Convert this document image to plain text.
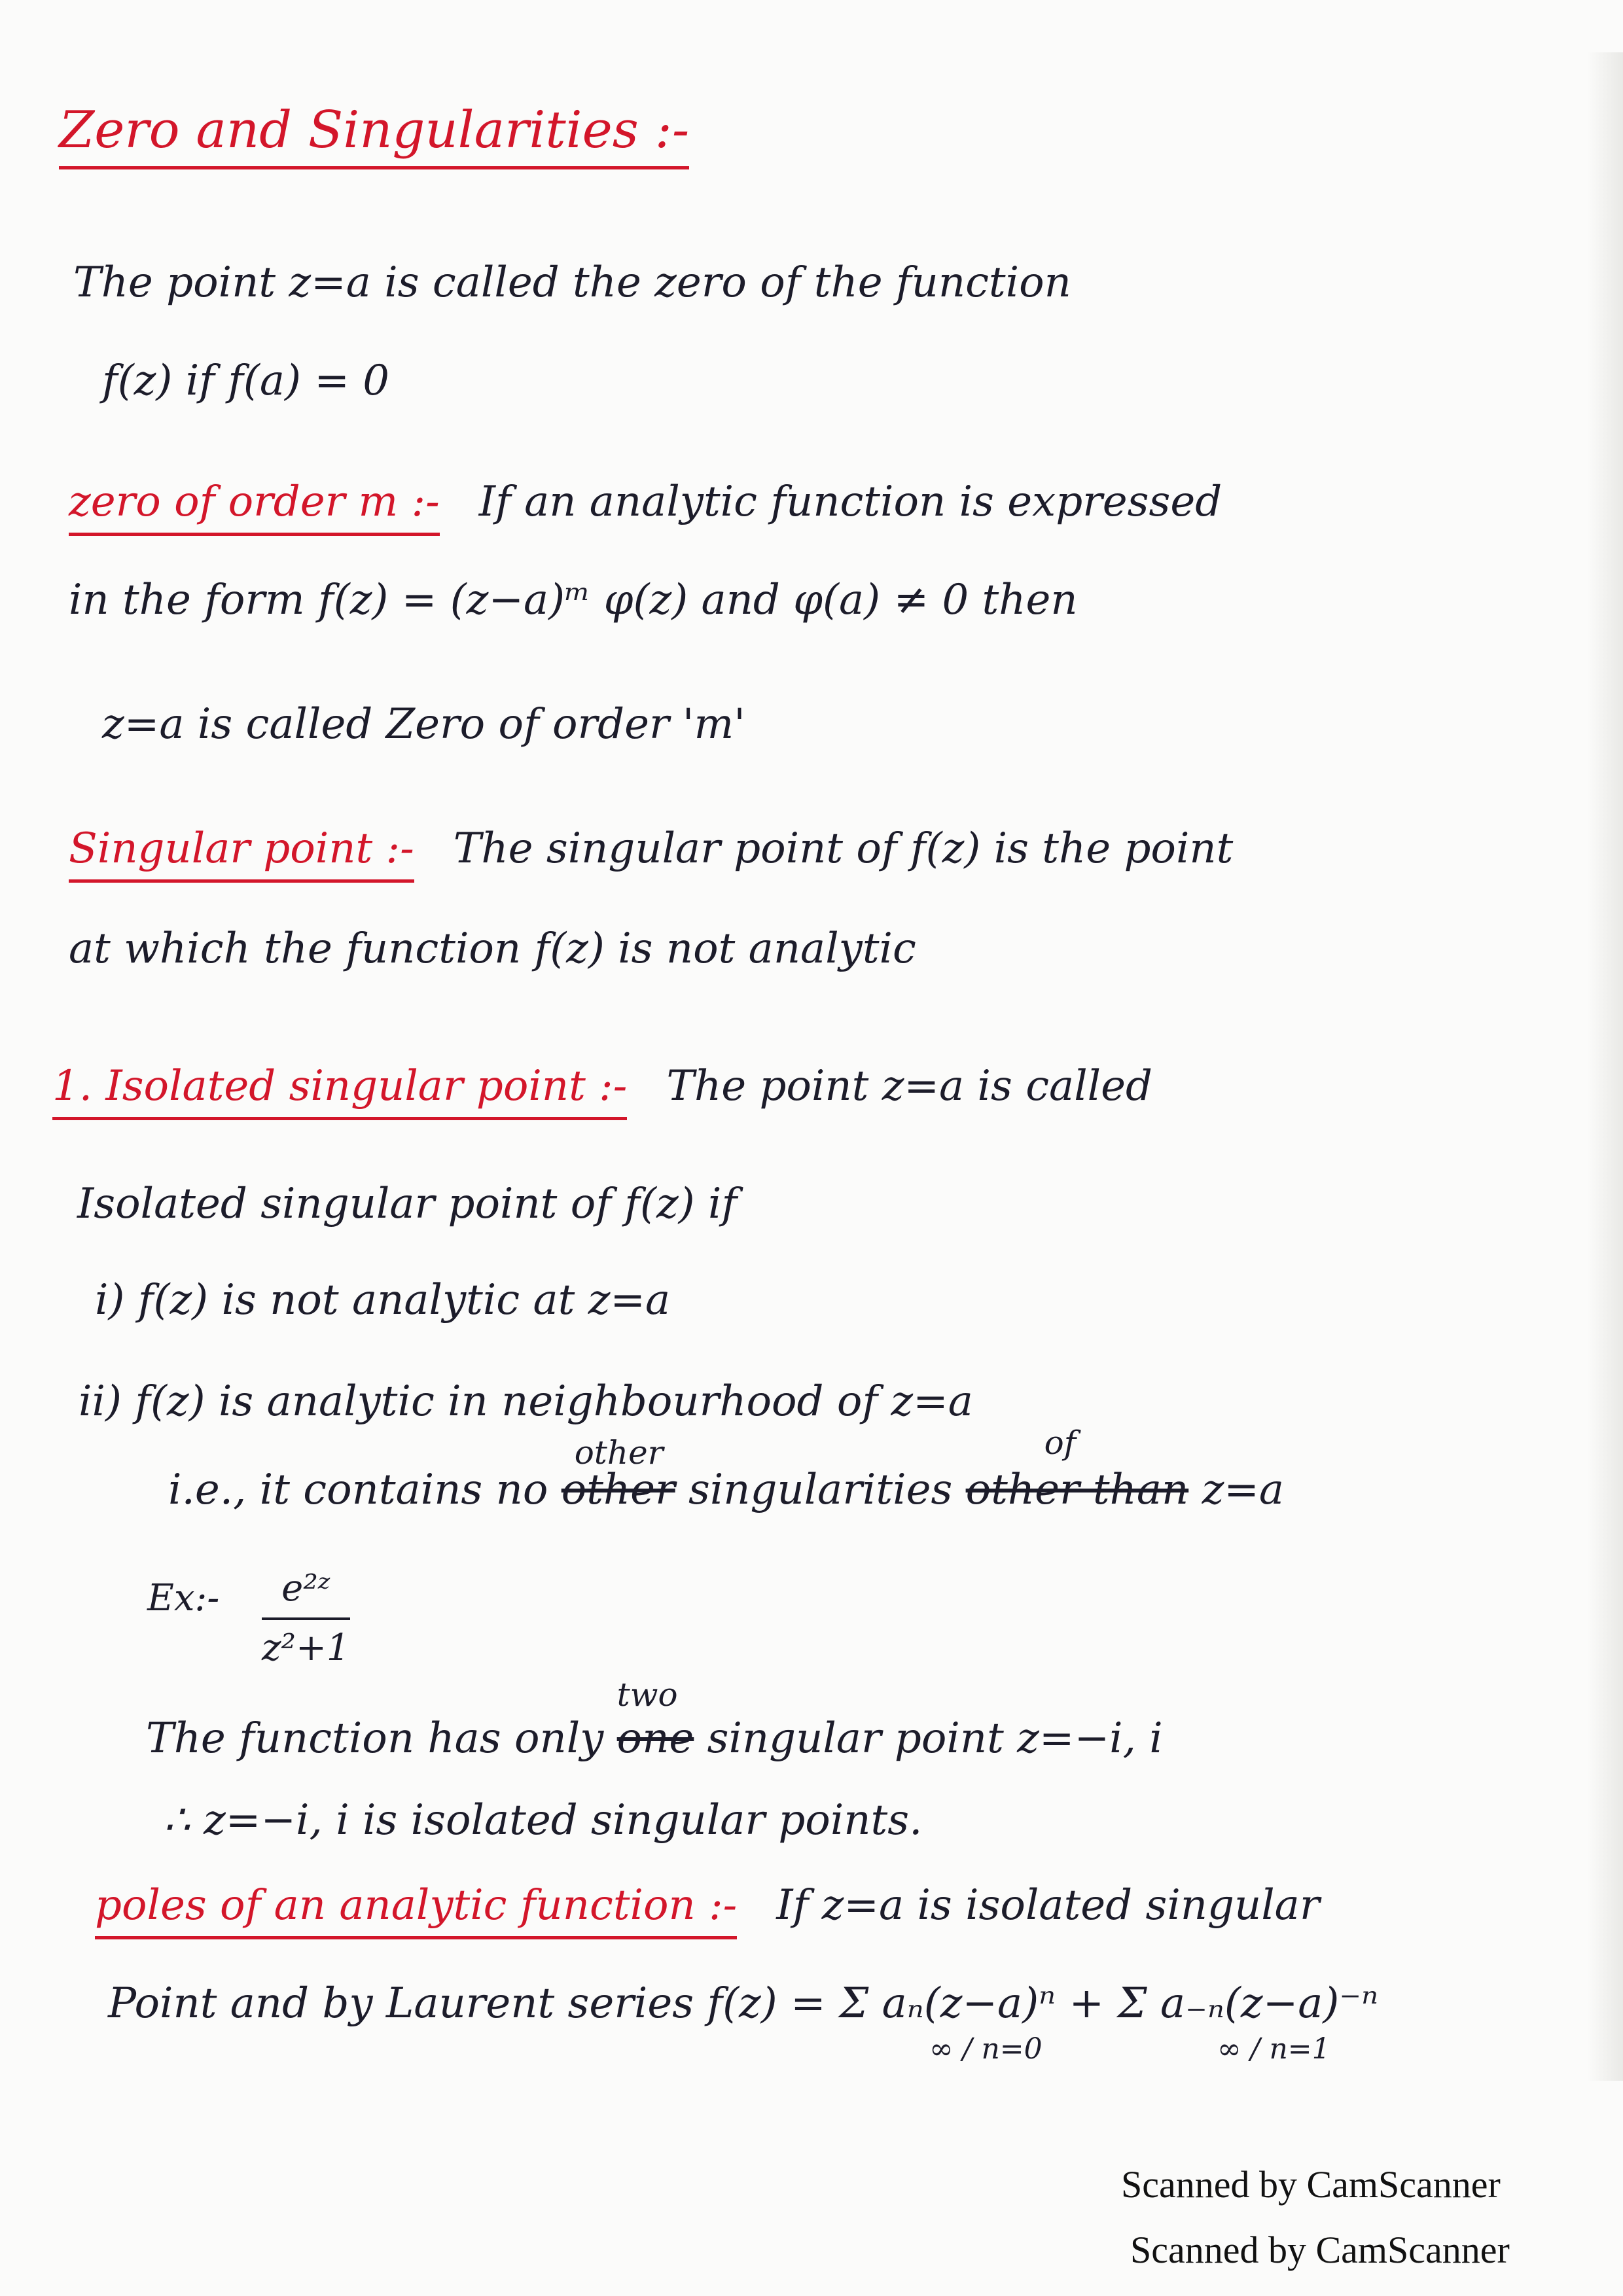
Zero and Singularities :-
The point z=a is called the zero of the function
f(z) if f(a) = 0
zero of order m :- If an analytic function is expressed
in the form f(z) = (z−a)ᵐ φ(z) and φ(a) ≠ 0 then
z=a is called Zero of order 'm'
Singular point :- The singular point of f(z) is the point
at which the function f(z) is not analytic
1. Isolated singular point :- The point z=a is called
Isolated singular point of f(z) if
i) f(z) is not analytic at z=a
ii) f(z) is analytic in neighbourhood of z=a
i.e., it contains no other
other
singularities other than
of
z=a
Ex:- $\frac{\text{e²ᶻ}}{\text{z²+1}}$
The function has only one
two
singular point z=−i, i
∴ z=−i, i is isolated singular points.
poles of an analytic function :- If z=a is isolated singular
Point and by Laurent series f(z) = Σ aₙ(z−a)ⁿ + Σ a₋ₙ(z−a)⁻ⁿ
∞ / n=0	∞ / n=1
Scanned by CamScanner
Scanned by CamScanner
